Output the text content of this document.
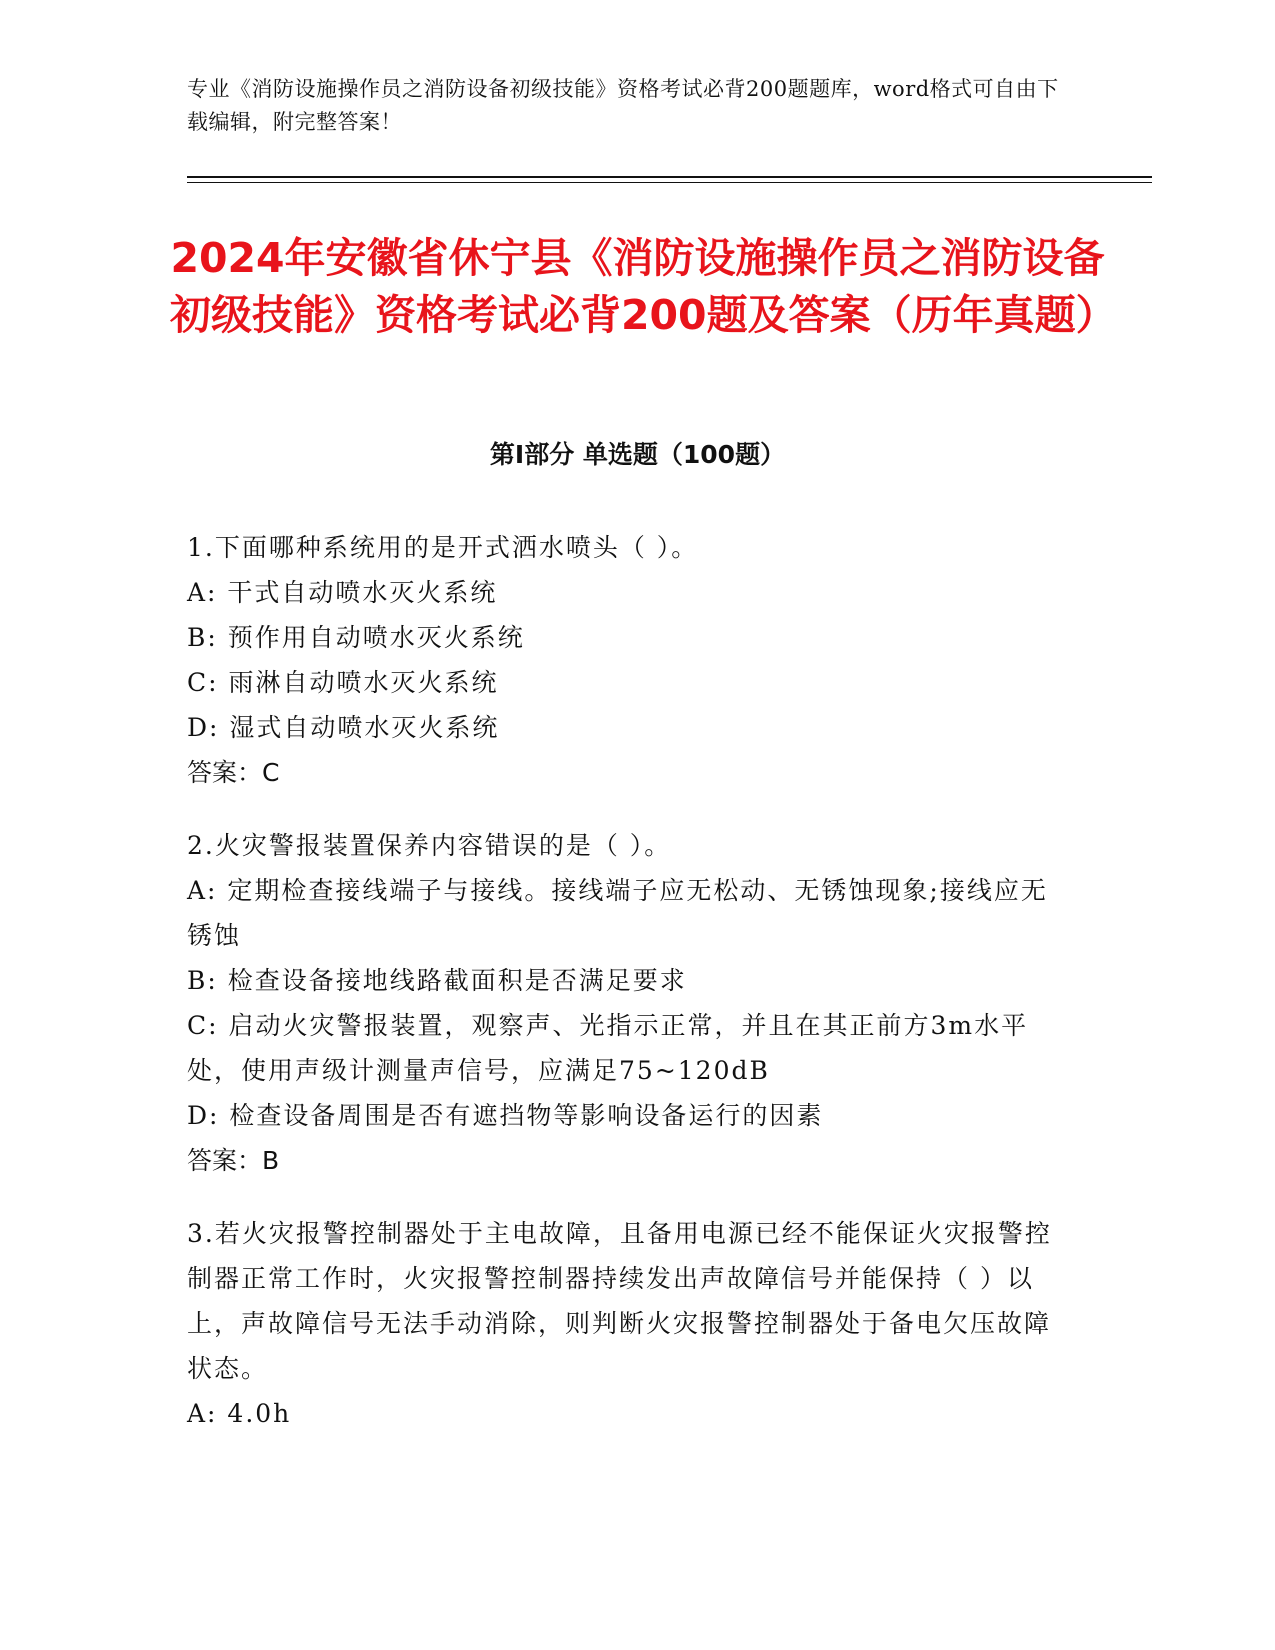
专业《消防设施操作员之消防设备初级技能》资格考试必背200题题库，word格式可自由下载编辑，附完整答案！
2024年安徽省休宁县《消防设施操作员之消防设备初级技能》资格考试必背200题及答案（历年真题）
第I部分 单选题（100题）
1.下面哪种系统用的是开式洒水喷头（ ）。
A: 干式自动喷水灭火系统
B: 预作用自动喷水灭火系统
C: 雨淋自动喷水灭火系统
D: 湿式自动喷水灭火系统
答案：C
2.火灾警报装置保养内容错误的是（ ）。
A: 定期检查接线端子与接线。接线端子应无松动、无锈蚀现象;接线应无锈蚀
B: 检查设备接地线路截面积是否满足要求
C: 启动火灾警报装置，观察声、光指示正常，并且在其正前方3m水平处，使用声级计测量声信号，应满足75~120dB
D: 检查设备周围是否有遮挡物等影响设备运行的因素
答案：B
3.若火灾报警控制器处于主电故障，且备用电源已经不能保证火灾报警控制器正常工作时，火灾报警控制器持续发出声故障信号并能保持（ ）以上，声故障信号无法手动消除，则判断火灾报警控制器处于备电欠压故障状态。
A: 4.0h
